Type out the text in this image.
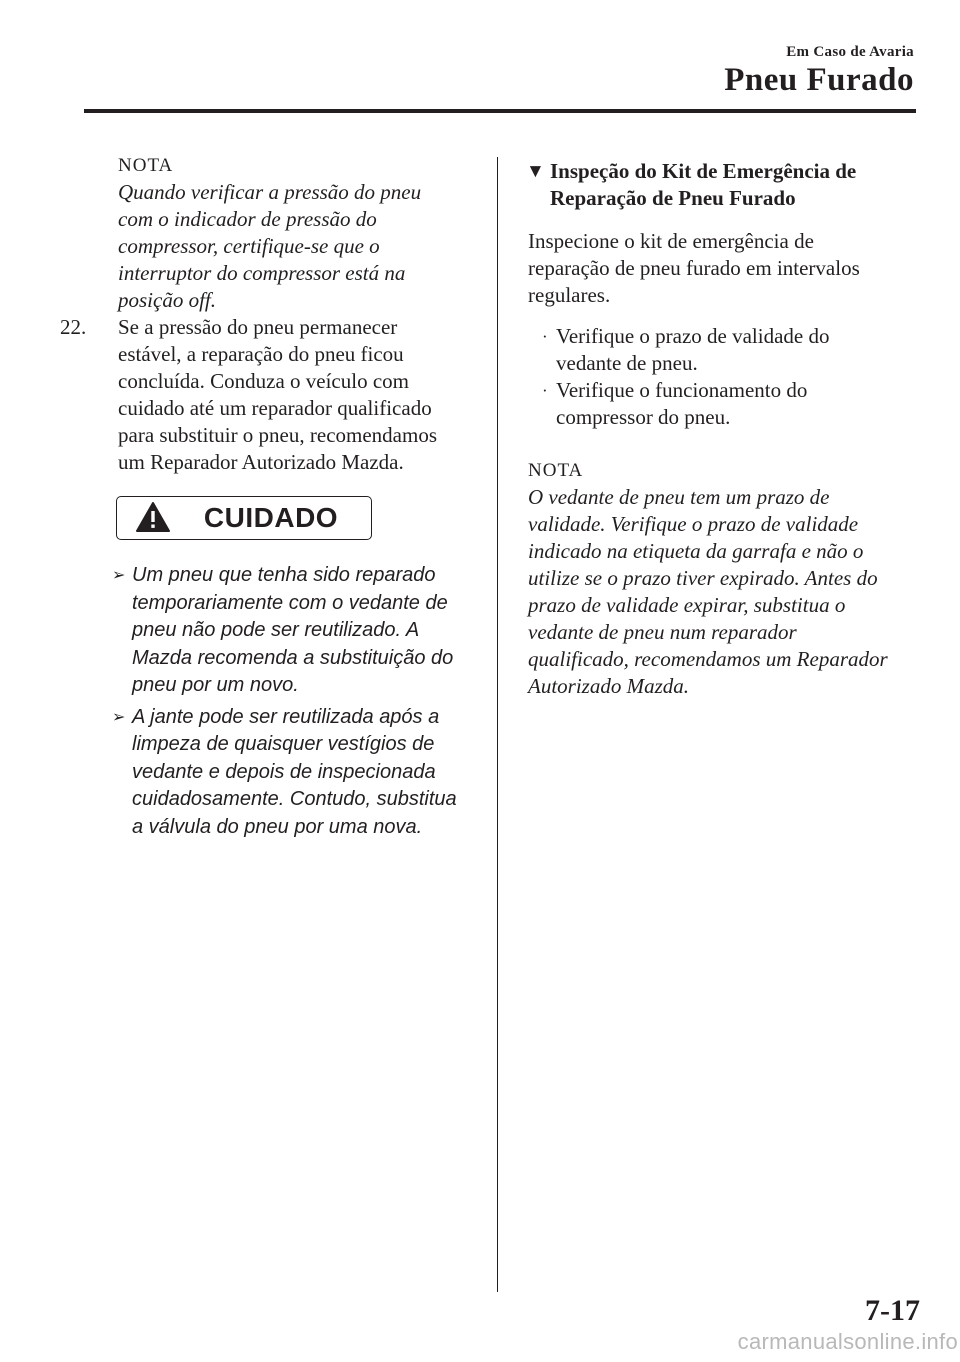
Em Caso de Avaria
Pneu Furado

NOTA

Quando verificar a pressão do pneu

com o indicador de pressão do

compressor, certifique-se que o

interruptor do compressor está na

posição off.

22.	Se a pressão do pneu permanecer

estável, a reparação do pneu ficou

concluída. Conduza o veículo com

cuidado até um reparador qualificado

para substituir o pneu, recomendamos

um Reparador Autorizado Mazda.

CUIDADO
➢ Um pneu que tenha sido reparado
temporariamente com o vedante de
pneu não pode ser reutilizado. A
Mazda recomenda a substituição do
pneu por um novo.
➢ A jante pode ser reutilizada após a
limpeza de quaisquer vestígios de
vedante e depois de inspecionada
cuidadosamente. Contudo, substitua
a válvula do pneu por uma nova.
▼ Inspeção do Kit de Emergência de
Reparação de Pneu Furado

Inspecione o kit de emergência de

reparação de pneu furado em intervalos

regulares.

· Verifique o prazo de validade do
vedante de pneu.
· Verifique o funcionamento do
compressor do pneu.

NOTA

O vedante de pneu tem um prazo de

validade. Verifique o prazo de validade

indicado na etiqueta da garrafa e não o

utilize se o prazo tiver expirado. Antes do

prazo de validade expirar, substitua o

vedante de pneu num reparador

qualificado, recomendamos um Reparador

Autorizado Mazda.

7-17
carmanualsonline.info
